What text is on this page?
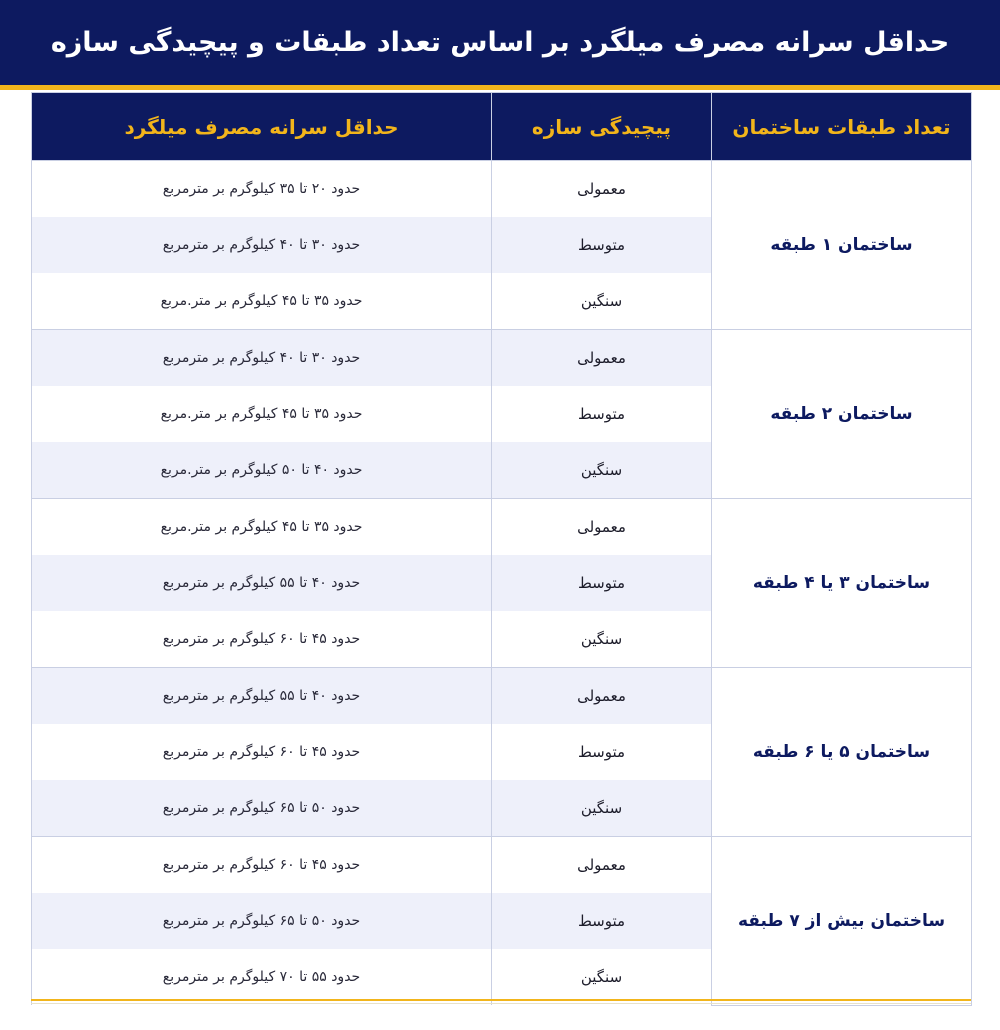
حداقل سرانه مصرف میلگرد بر اساس تعداد طبقات و پیچیدگی سازه
تعداد طبقات ساختمان	پیچیدگی سازه	حداقل سرانه مصرف میلگرد
ساختمان ۱ طبقه	معمولی	حدود ۲۰ تا ۳۵ کیلوگرم بر مترمربع
	متوسط	حدود ۳۰ تا ۴۰ کیلوگرم بر مترمربع
	سنگین	حدود ۳۵ تا ۴۵ کیلوگرم بر متر.مربع
ساختمان ۲ طبقه	معمولی	حدود ۳۰ تا ۴۰ کیلوگرم بر مترمربع
	متوسط	حدود ۳۵ تا ۴۵ کیلوگرم بر متر.مربع
	سنگین	حدود ۴۰ تا ۵۰ کیلوگرم بر متر.مربع
ساختمان ۳ یا ۴ طبقه	معمولی	حدود ۳۵ تا ۴۵ کیلوگرم بر متر.مربع
	متوسط	حدود ۴۰ تا ۵۵ کیلوگرم بر مترمربع
	سنگین	حدود ۴۵ تا ۶۰ کیلوگرم بر مترمربع
ساختمان ۵ یا ۶ طبقه	معمولی	حدود ۴۰ تا ۵۵ کیلوگرم بر مترمربع
	متوسط	حدود ۴۵ تا ۶۰ کیلوگرم بر مترمربع
	سنگین	حدود ۵۰ تا ۶۵ کیلوگرم بر مترمربع
ساختمان بیش از ۷ طبقه	معمولی	حدود ۴۵ تا ۶۰ کیلوگرم بر مترمربع
	متوسط	حدود ۵۰ تا ۶۵ کیلوگرم بر مترمربع
	سنگین	حدود ۵۵ تا ۷۰ کیلوگرم بر مترمربع
